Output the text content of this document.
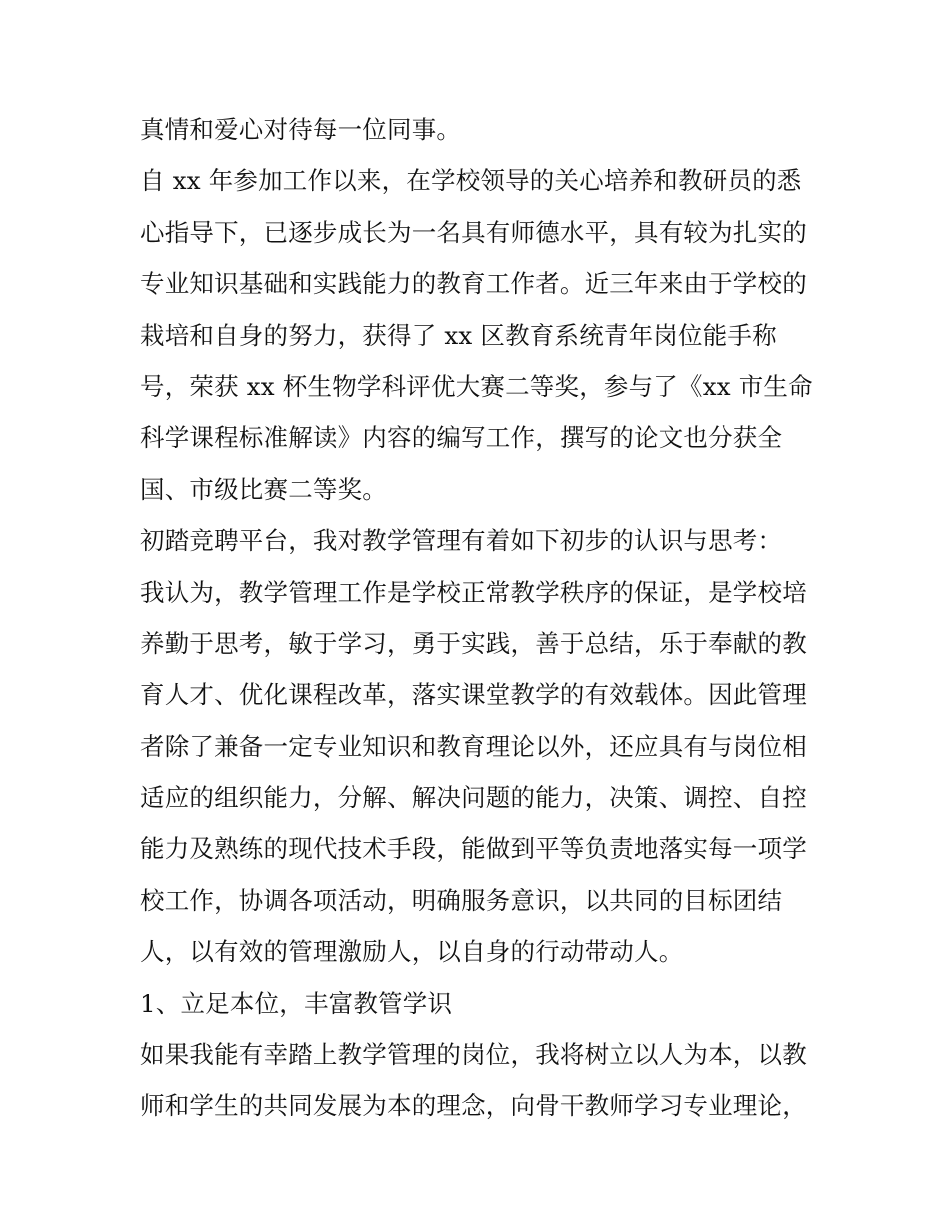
真情和爱心对待每一位同事。
自 xx 年参加工作以来，在学校领导的关心培养和教研员的悉
心指导下，已逐步成长为一名具有师德水平，具有较为扎实的
专业知识基础和实践能力的教育工作者。近三年来由于学校的
栽培和自身的努力，获得了 xx 区教育系统青年岗位能手称
号，荣获 xx 杯生物学科评优大赛二等奖，参与了《xx 市生命
科学课程标准解读》内容的编写工作，撰写的论文也分获全
国、市级比赛二等奖。
初踏竞聘平台，我对教学管理有着如下初步的认识与思考：
我认为，教学管理工作是学校正常教学秩序的保证，是学校培
养勤于思考，敏于学习，勇于实践，善于总结，乐于奉献的教
育人才、优化课程改革，落实课堂教学的有效载体。因此管理
者除了兼备一定专业知识和教育理论以外，还应具有与岗位相
适应的组织能力，分解、解决问题的能力，决策、调控、自控
能力及熟练的现代技术手段，能做到平等负责地落实每一项学
校工作，协调各项活动，明确服务意识，以共同的目标团结
人，以有效的管理激励人，以自身的行动带动人。
1、立足本位，丰富教管学识
如果我能有幸踏上教学管理的岗位，我将树立以人为本，以教
师和学生的共同发展为本的理念，向骨干教师学习专业理论，
